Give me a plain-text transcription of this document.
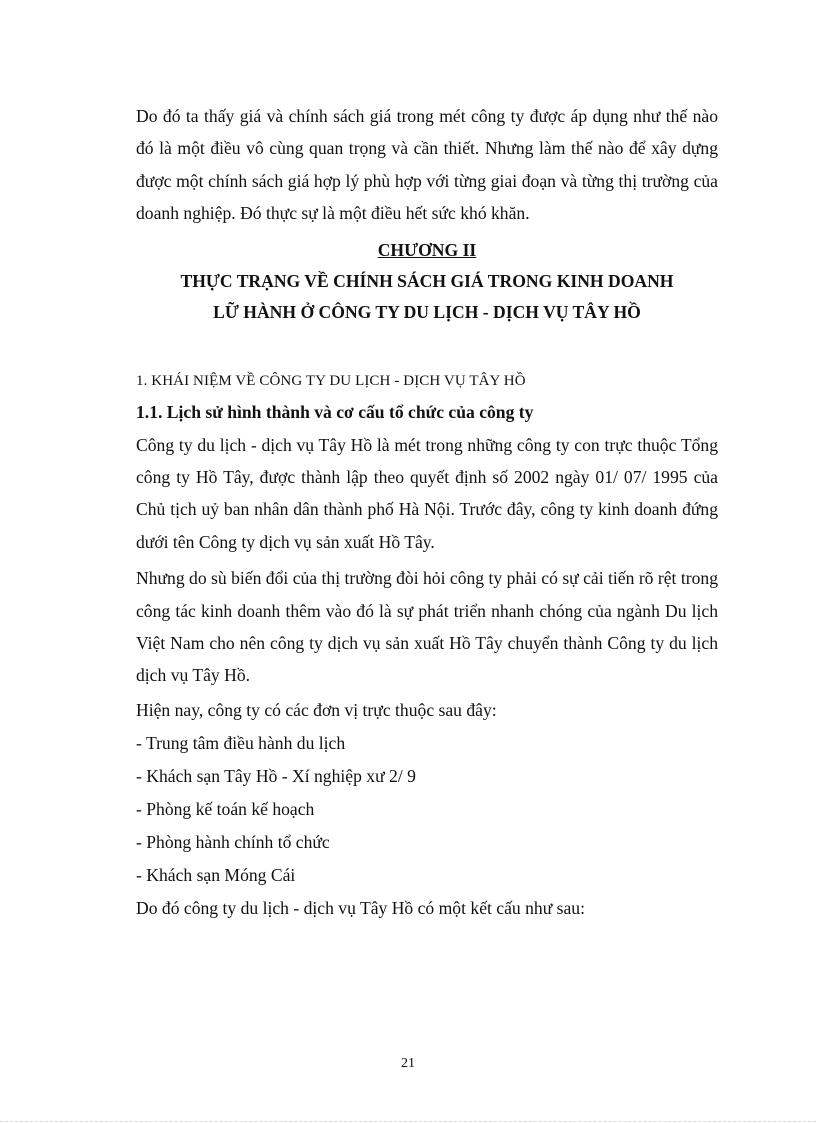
Do đó ta thấy giá và chính sách giá trong mét công ty được áp dụng như thế nào đó là một điều vô cùng quan trọng và cần thiết. Nhưng làm thế nào để xây dựng được một chính sách giá hợp lý phù hợp với từng giai đoạn và từng thị trường của doanh nghiệp. Đó thực sự là một điều hết sức khó khăn.

CHƯƠNG II

THỰC TRẠNG VỀ CHÍNH SÁCH GIÁ TRONG KINH DOANH

LỮ HÀNH Ở CÔNG TY DU LỊCH - DỊCH VỤ TÂY HỒ

1. KHÁI NIỆM VỀ CÔNG TY DU LỊCH - DỊCH VỤ TÂY HỒ

1.1. Lịch sử hình thành và cơ cấu tổ chức của công ty

Công ty du lịch - dịch vụ Tây Hồ là mét trong những công ty con trực thuộc Tổng công ty Hồ Tây, được thành lập theo quyết định số 2002 ngày 01/ 07/ 1995 của Chủ tịch uỷ ban nhân dân thành phố Hà Nội. Trước đây, công ty kinh doanh đứng dưới tên Công ty dịch vụ sản xuất Hồ Tây.

Nhưng do sù biến đổi của thị trường đòi hỏi công ty phải có sự cải tiến rõ rệt trong công tác kinh doanh thêm vào đó là sự phát triển nhanh chóng của ngành Du lịch Việt Nam cho nên công ty dịch vụ sản xuất Hồ Tây chuyển thành Công ty du lịch dịch vụ Tây Hồ.

Hiện nay, công ty có các đơn vị trực thuộc sau đây:

- Trung tâm điều hành du lịch

- Khách sạn Tây Hồ - Xí nghiệp xư 2/ 9

- Phòng kế toán kế hoạch

- Phòng hành chính tổ chức

- Khách sạn Móng Cái

Do đó công ty du lịch - dịch vụ Tây Hồ có một kết cấu như sau:

21
